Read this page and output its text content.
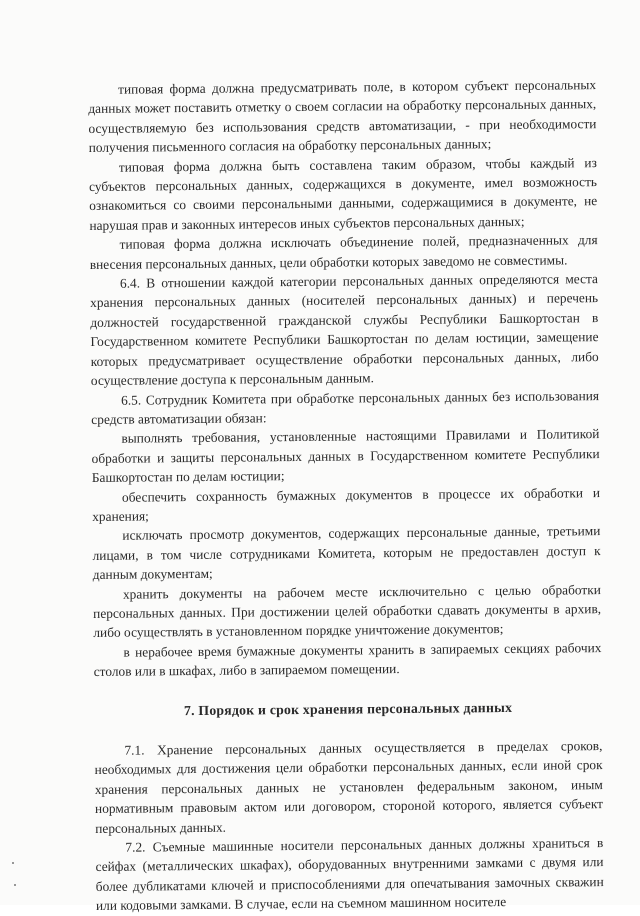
типовая форма должна предусматривать поле, в котором субъект персональных данных может поставить отметку о своем согласии на обработку персональных данных, осуществляемую без использования средств автоматизации, - при необходимости получения письменного согласия на обработку персональных данных;

типовая форма должна быть составлена таким образом, чтобы каждый из субъектов персональных данных, содержащихся в документе, имел возможность ознакомиться со своими персональными данными, содержащимися в документе, не нарушая прав и законных интересов иных субъектов персональных данных;

типовая форма должна исключать объединение полей, предназначенных для внесения персональных данных, цели обработки которых заведомо не совместимы.

6.4. В отношении каждой категории персональных данных определяются места хранения персональных данных (носителей персональных данных) и перечень должностей государственной гражданской службы Республики Башкортостан в Государственном комитете Республики Башкортостан по делам юстиции, замещение которых предусматривает осуществление обработки персональных данных, либо осуществление доступа к персональным данным.

6.5. Сотрудник Комитета при обработке персональных данных без использования средств автоматизации обязан:

выполнять требования, установленные настоящими Правилами и Политикой обработки и защиты персональных данных в Государственном комитете Республики Башкортостан по делам юстиции;

обеспечить сохранность бумажных документов в процессе их обработки и хранения;

исключать просмотр документов, содержащих персональные данные, третьими лицами, в том числе сотрудниками Комитета, которым не предоставлен доступ к данным документам;

хранить документы на рабочем месте исключительно с целью обработки персональных данных. При достижении целей обработки сдавать документы в архив, либо осуществлять в установленном порядке уничтожение документов;

в нерабочее время бумажные документы хранить в запираемых секциях рабочих столов или в шкафах, либо в запираемом помещении.

7. Порядок и срок хранения персональных данных

7.1. Хранение персональных данных осуществляется в пределах сроков, необходимых для достижения цели обработки персональных данных, если иной срок хранения персональных данных не установлен федеральным законом, иным нормативным правовым актом или договором, стороной которого, является субъект персональных данных.

7.2. Съемные машинные носители персональных данных должны храниться в сейфах (металлических шкафах), оборудованных внутренними замками с двумя или более дубликатами ключей и приспособлениями для опечатывания замочных скважин или кодовыми замками. В случае, если на съемном машинном носителе
